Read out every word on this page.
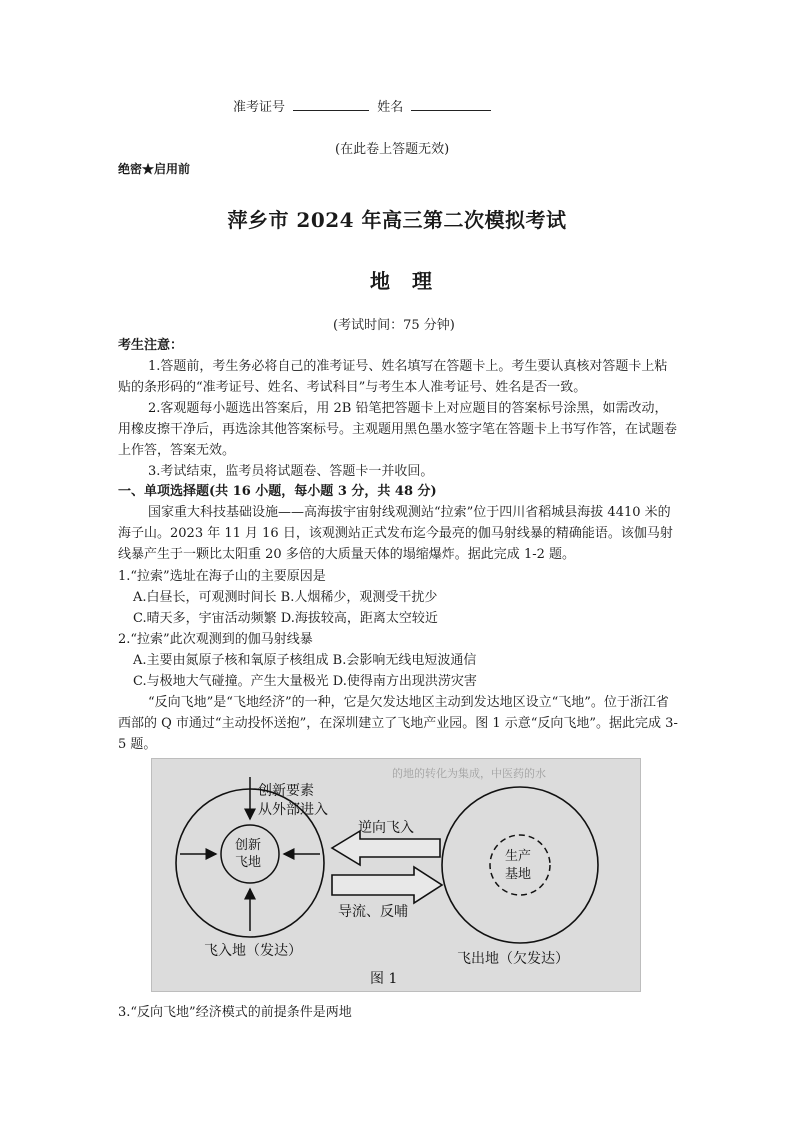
准考证号	姓名
(在此卷上答题无效)
绝密★启用前
萍乡市 2024 年高三第二次模拟考试
地理
(考试时间：75 分钟)
考生注意：
1.答题前，考生务必将自己的准考证号、姓名填写在答题卡上。考生要认真核对答题卡上粘贴的条形码的“准考证号、姓名、考试科目”与考生本人准考证号、姓名是否一致。
2.客观题每小题选出答案后，用 2B 铅笔把答题卡上对应题目的答案标号涂黑，如需改动，用橡皮擦干净后，再选涂其他答案标号。主观题用黑色墨水签字笔在答题卡上书写作答，在试题卷上作答，答案无效。
3.考试结束，监考员将试题卷、答题卡一并收回。
一、单项选择题(共 16 小题，每小题 3 分，共 48 分)
国家重大科技基础设施——高海拔宇宙射线观测站“拉索”位于四川省稻城县海拔 4410 米的海子山。2023 年 11 月 16 日，该观测站正式发布迄今最亮的伽马射线暴的精确能语。该伽马射线暴产生于一颗比太阳重 20 多倍的大质量天体的塌缩爆炸。据此完成 1-2 题。
1.“拉索”选址在海子山的主要原因是
A.白昼长，可观测时间长 B.人烟稀少，观测受干扰少
C.晴天多，宇宙活动频繁 D.海拔较高，距离太空较近
2.“拉索”此次观测到的伽马射线暴
A.主要由氮原子核和氧原子核组成 B.会影响无线电短波通信
C.与极地大气碰撞。产生大量极光 D.使得南方出现洪涝灾害
“反向飞地”是“飞地经济”的一种，它是欠发达地区主动到发达地区设立“飞地”。位于浙江省西部的 Q 市通过“主动投怀送抱”，在深圳建立了飞地产业园。图 1 示意“反向飞地”。据此完成 3-5 题。
的地的转化为集成，中医药的水
创新要素
从外部进入
创新
飞地
逆向飞入
导流、反哺
生产
基地
飞入地（发达）	飞出地（欠发达）
图 1
3.“反向飞地”经济模式的前提条件是两地
